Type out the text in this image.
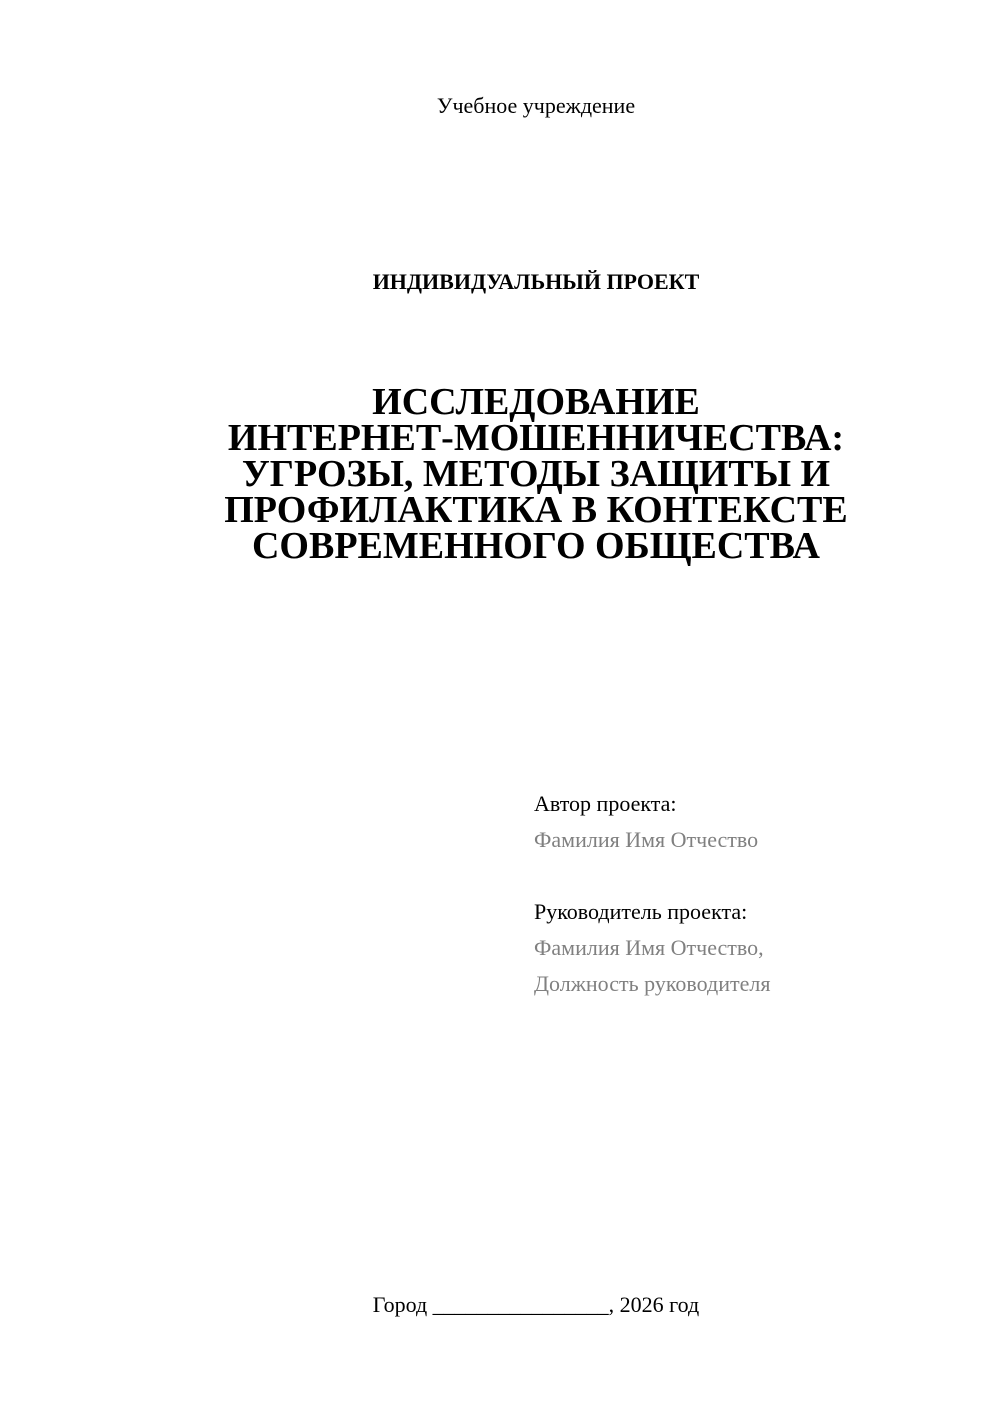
Учебное учреждение
ИНДИВИДУАЛЬНЫЙ ПРОЕКТ
ИССЛЕДОВАНИЕ
ИНТЕРНЕТ-МОШЕННИЧЕСТВА:
УГРОЗЫ, МЕТОДЫ ЗАЩИТЫ И
ПРОФИЛАКТИКА В КОНТЕКСТЕ
СОВРЕМЕННОГО ОБЩЕСТВА
Автор проекта:
Фамилия Имя Отчество
Руководитель проекта:
Фамилия Имя Отчество,
Должность руководителя
Город ________________, 2026 год
